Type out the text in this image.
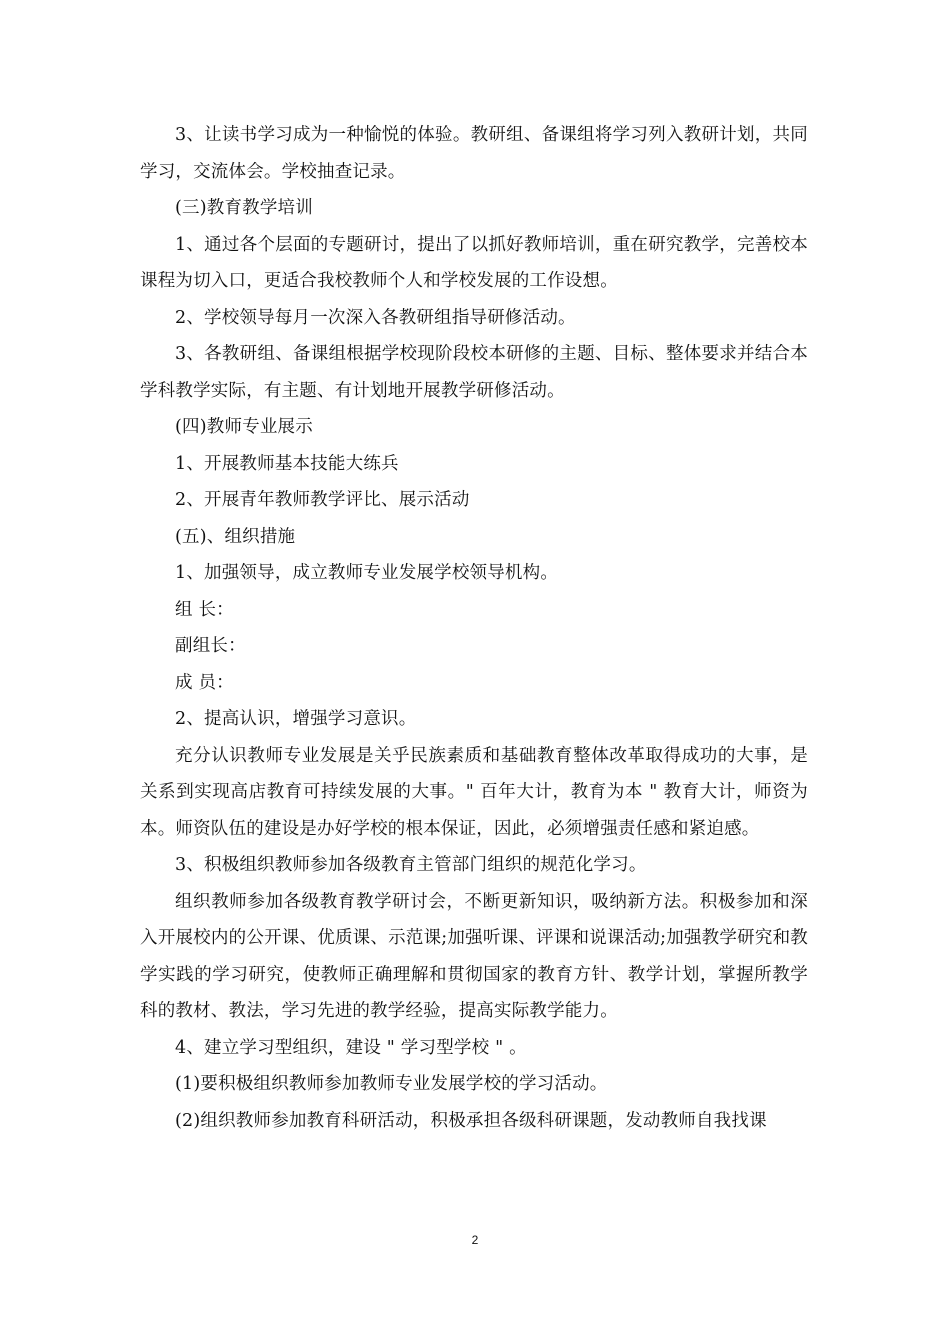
3、让读书学习成为一种愉悦的体验。教研组、备课组将学习列入教研计划，共同学习，交流体会。学校抽查记录。

(三)教育教学培训

1、通过各个层面的专题研讨，提出了以抓好教师培训，重在研究教学，完善校本课程为切入口，更适合我校教师个人和学校发展的工作设想。

2、学校领导每月一次深入各教研组指导研修活动。

3、各教研组、备课组根据学校现阶段校本研修的主题、目标、整体要求并结合本学科教学实际，有主题、有计划地开展教学研修活动。

(四)教师专业展示

1、开展教师基本技能大练兵

2、开展青年教师教学评比、展示活动

(五)、组织措施

1、加强领导，成立教师专业发展学校领导机构。

组 长：

副组长：

成 员：

2、提高认识，增强学习意识。

充分认识教师专业发展是关乎民族素质和基础教育整体改革取得成功的大事，是关系到实现高店教育可持续发展的大事。" 百年大计，教育为本 " 教育大计，师资为本。师资队伍的建设是办好学校的根本保证，因此，必须增强责任感和紧迫感。

3、积极组织教师参加各级教育主管部门组织的规范化学习。

组织教师参加各级教育教学研讨会，不断更新知识，吸纳新方法。积极参加和深入开展校内的公开课、优质课、示范课;加强听课、评课和说课活动;加强教学研究和教学实践的学习研究，使教师正确理解和贯彻国家的教育方针、教学计划，掌握所教学科的教材、教法，学习先进的教学经验，提高实际教学能力。

4、建立学习型组织，建设 " 学习型学校 " 。

(1)要积极组织教师参加教师专业发展学校的学习活动。

(2)组织教师参加教育科研活动，积极承担各级科研课题，发动教师自我找课

2
